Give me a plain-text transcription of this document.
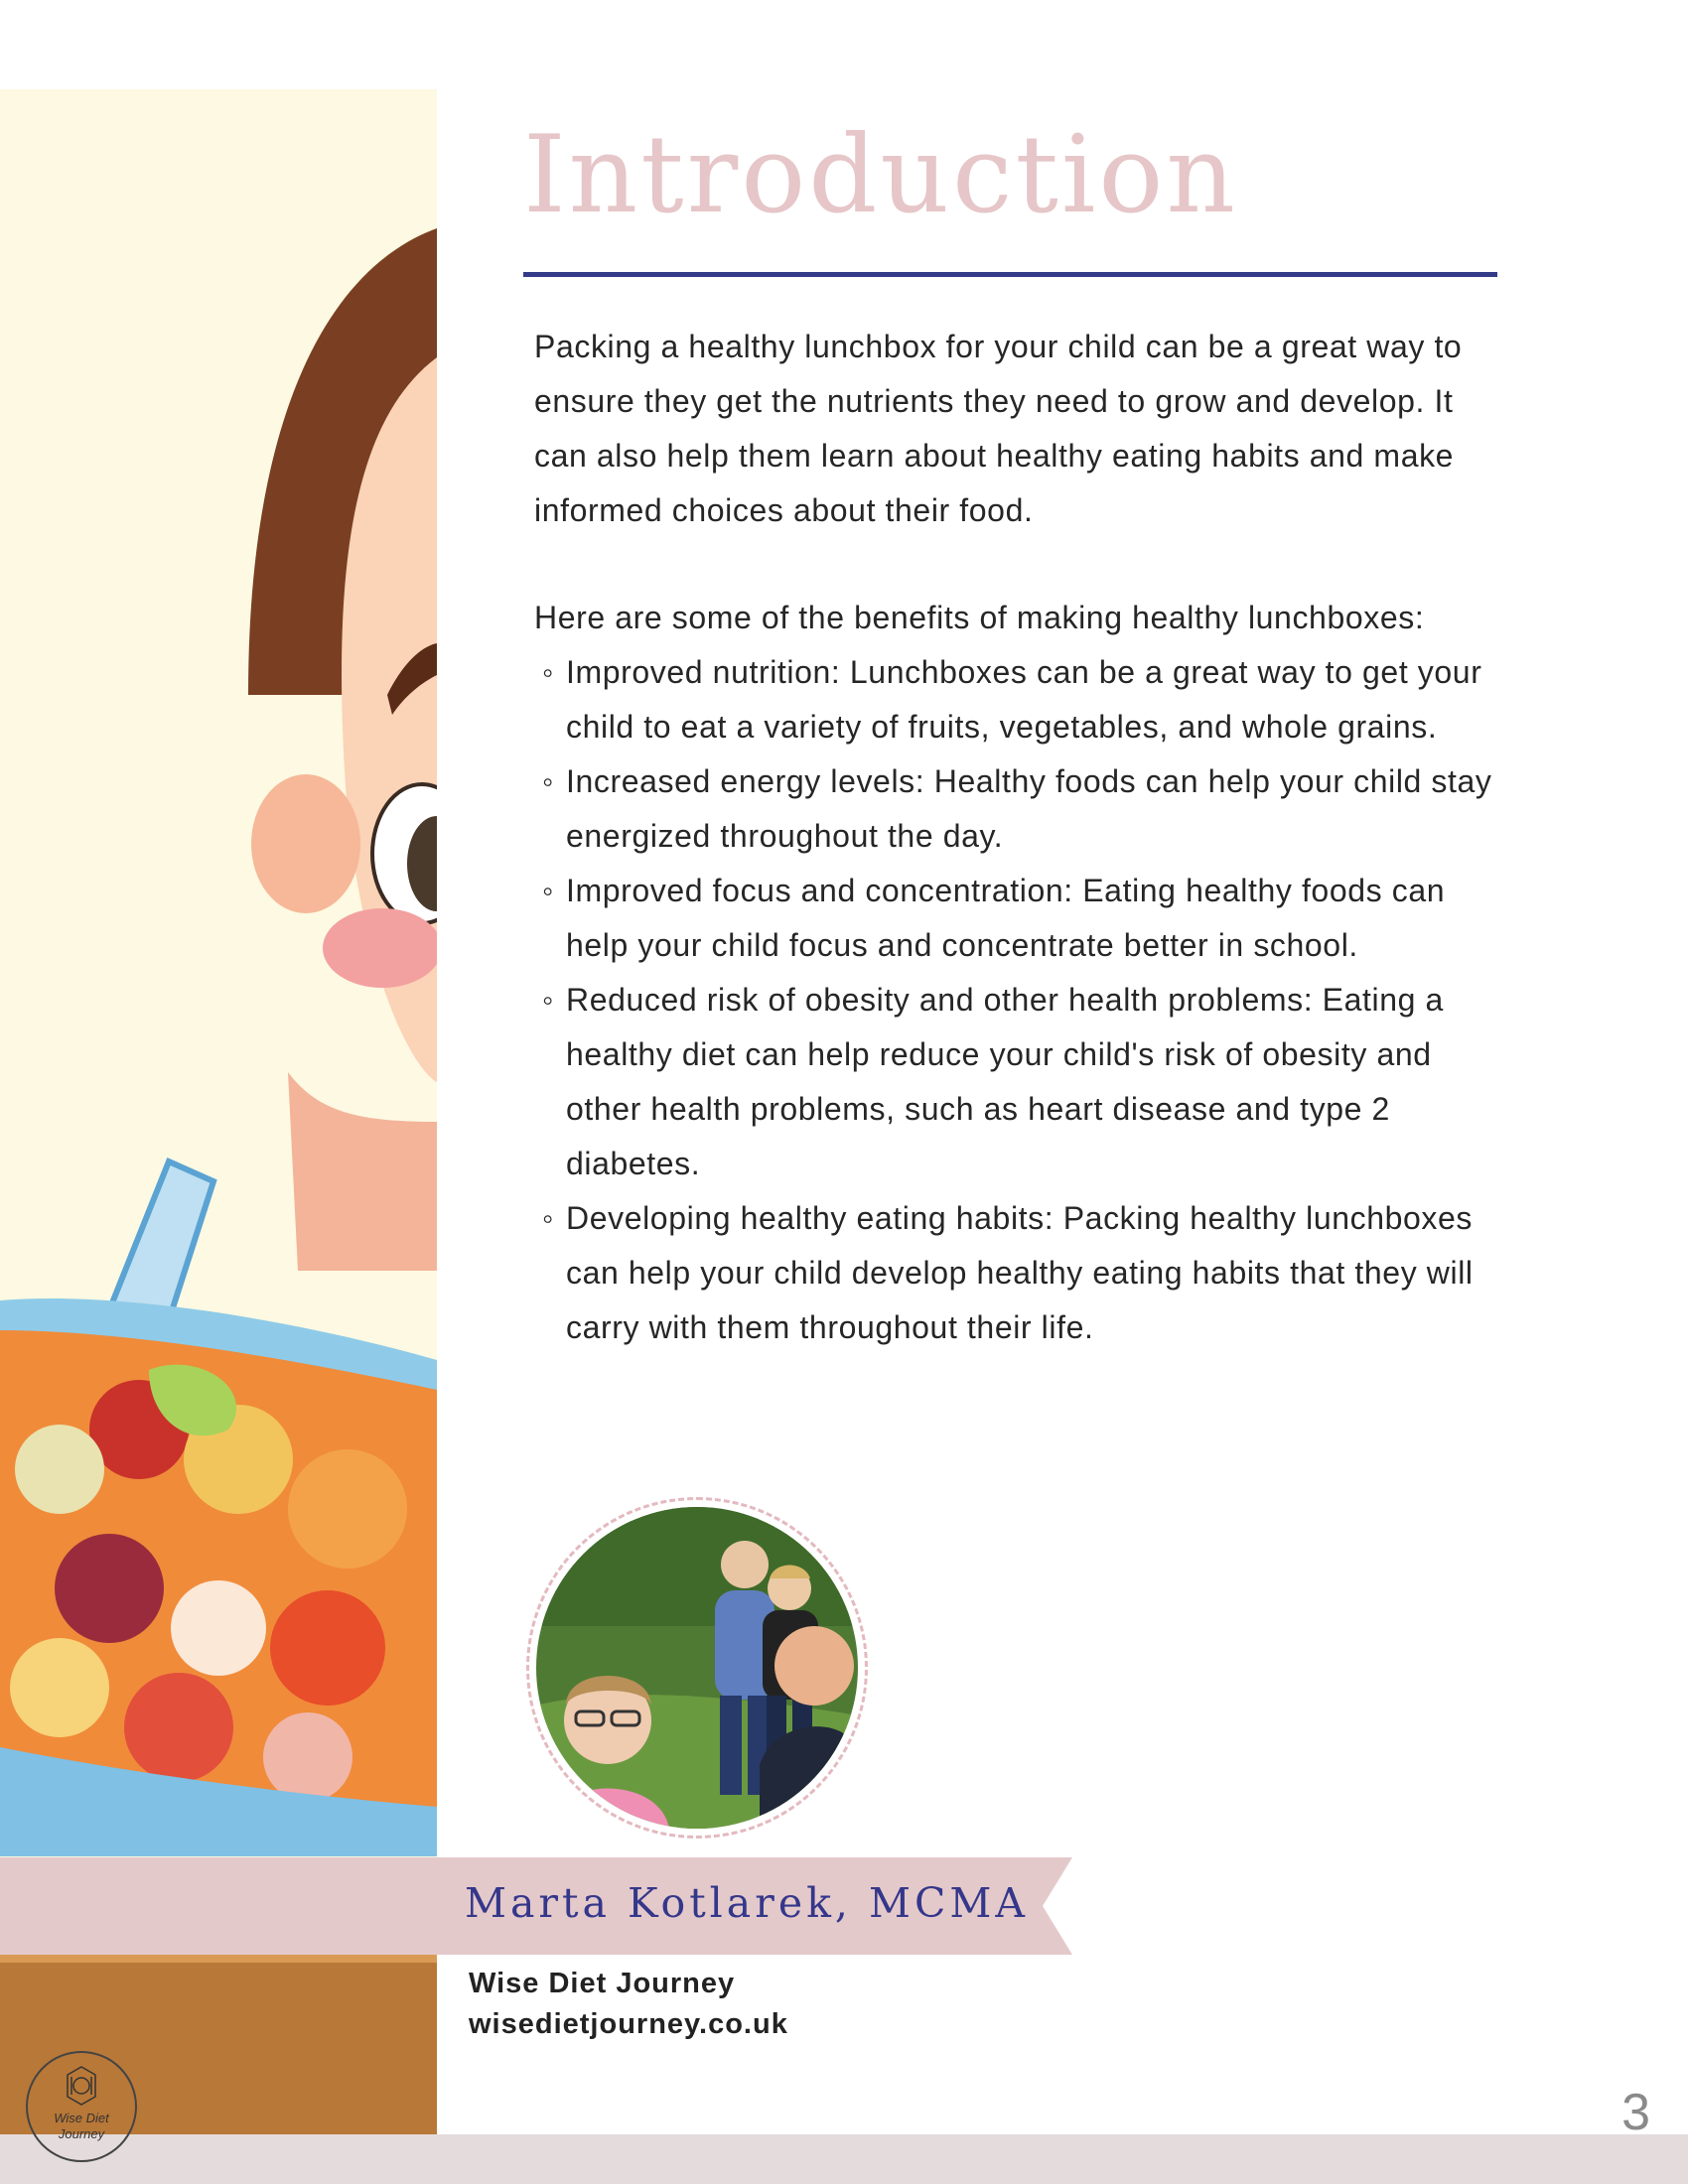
Introduction

Packing a healthy lunchbox for your child can be a great way to ensure they get the nutrients they need to grow and develop. It can also help them learn about healthy eating habits and make informed choices about their food.

Here are some of the benefits of making healthy lunchboxes:

◦ Improved nutrition: Lunchboxes can be a great way to get your child to eat a variety of fruits, vegetables, and whole grains.
◦ Increased energy levels: Healthy foods can help your child stay energized throughout the day.
◦ Improved focus and concentration: Eating healthy foods can help your child focus and concentrate better in school.
◦ Reduced risk of obesity and other health problems: Eating a healthy diet can help reduce your child's risk of obesity and other health problems, such as heart disease and type 2 diabetes.
◦ Developing healthy eating habits: Packing healthy lunchboxes can help your child develop healthy eating habits that they will carry with them throughout their life.
Marta Kotlarek, MCMA
Wise Diet Journey
wisedietjourney.co.uk
3
Wise Diet
Journey
